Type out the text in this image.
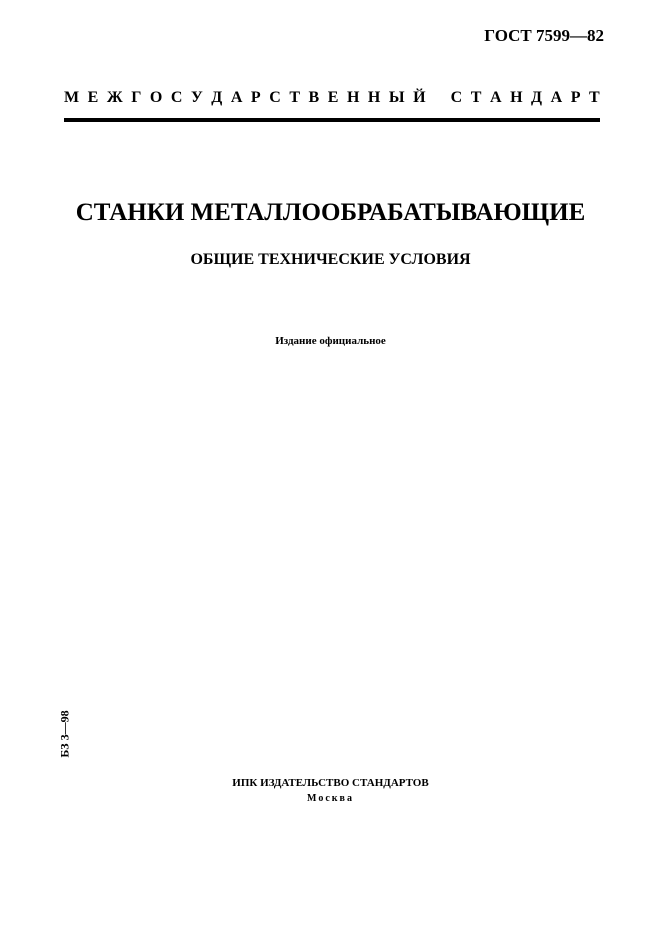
ГОСТ 7599—82
М Е Ж Г О С У Д А Р С Т В Е Н Н Ы Й С Т А Н Д А Р Т
СТАНКИ МЕТАЛЛООБРАБАТЫВАЮЩИЕ
ОБЩИЕ ТЕХНИЧЕСКИЕ УСЛОВИЯ
Издание официальное
БЗ 3—98
ИПК ИЗДАТЕЛЬСТВО СТАНДАРТОВ
Москва
